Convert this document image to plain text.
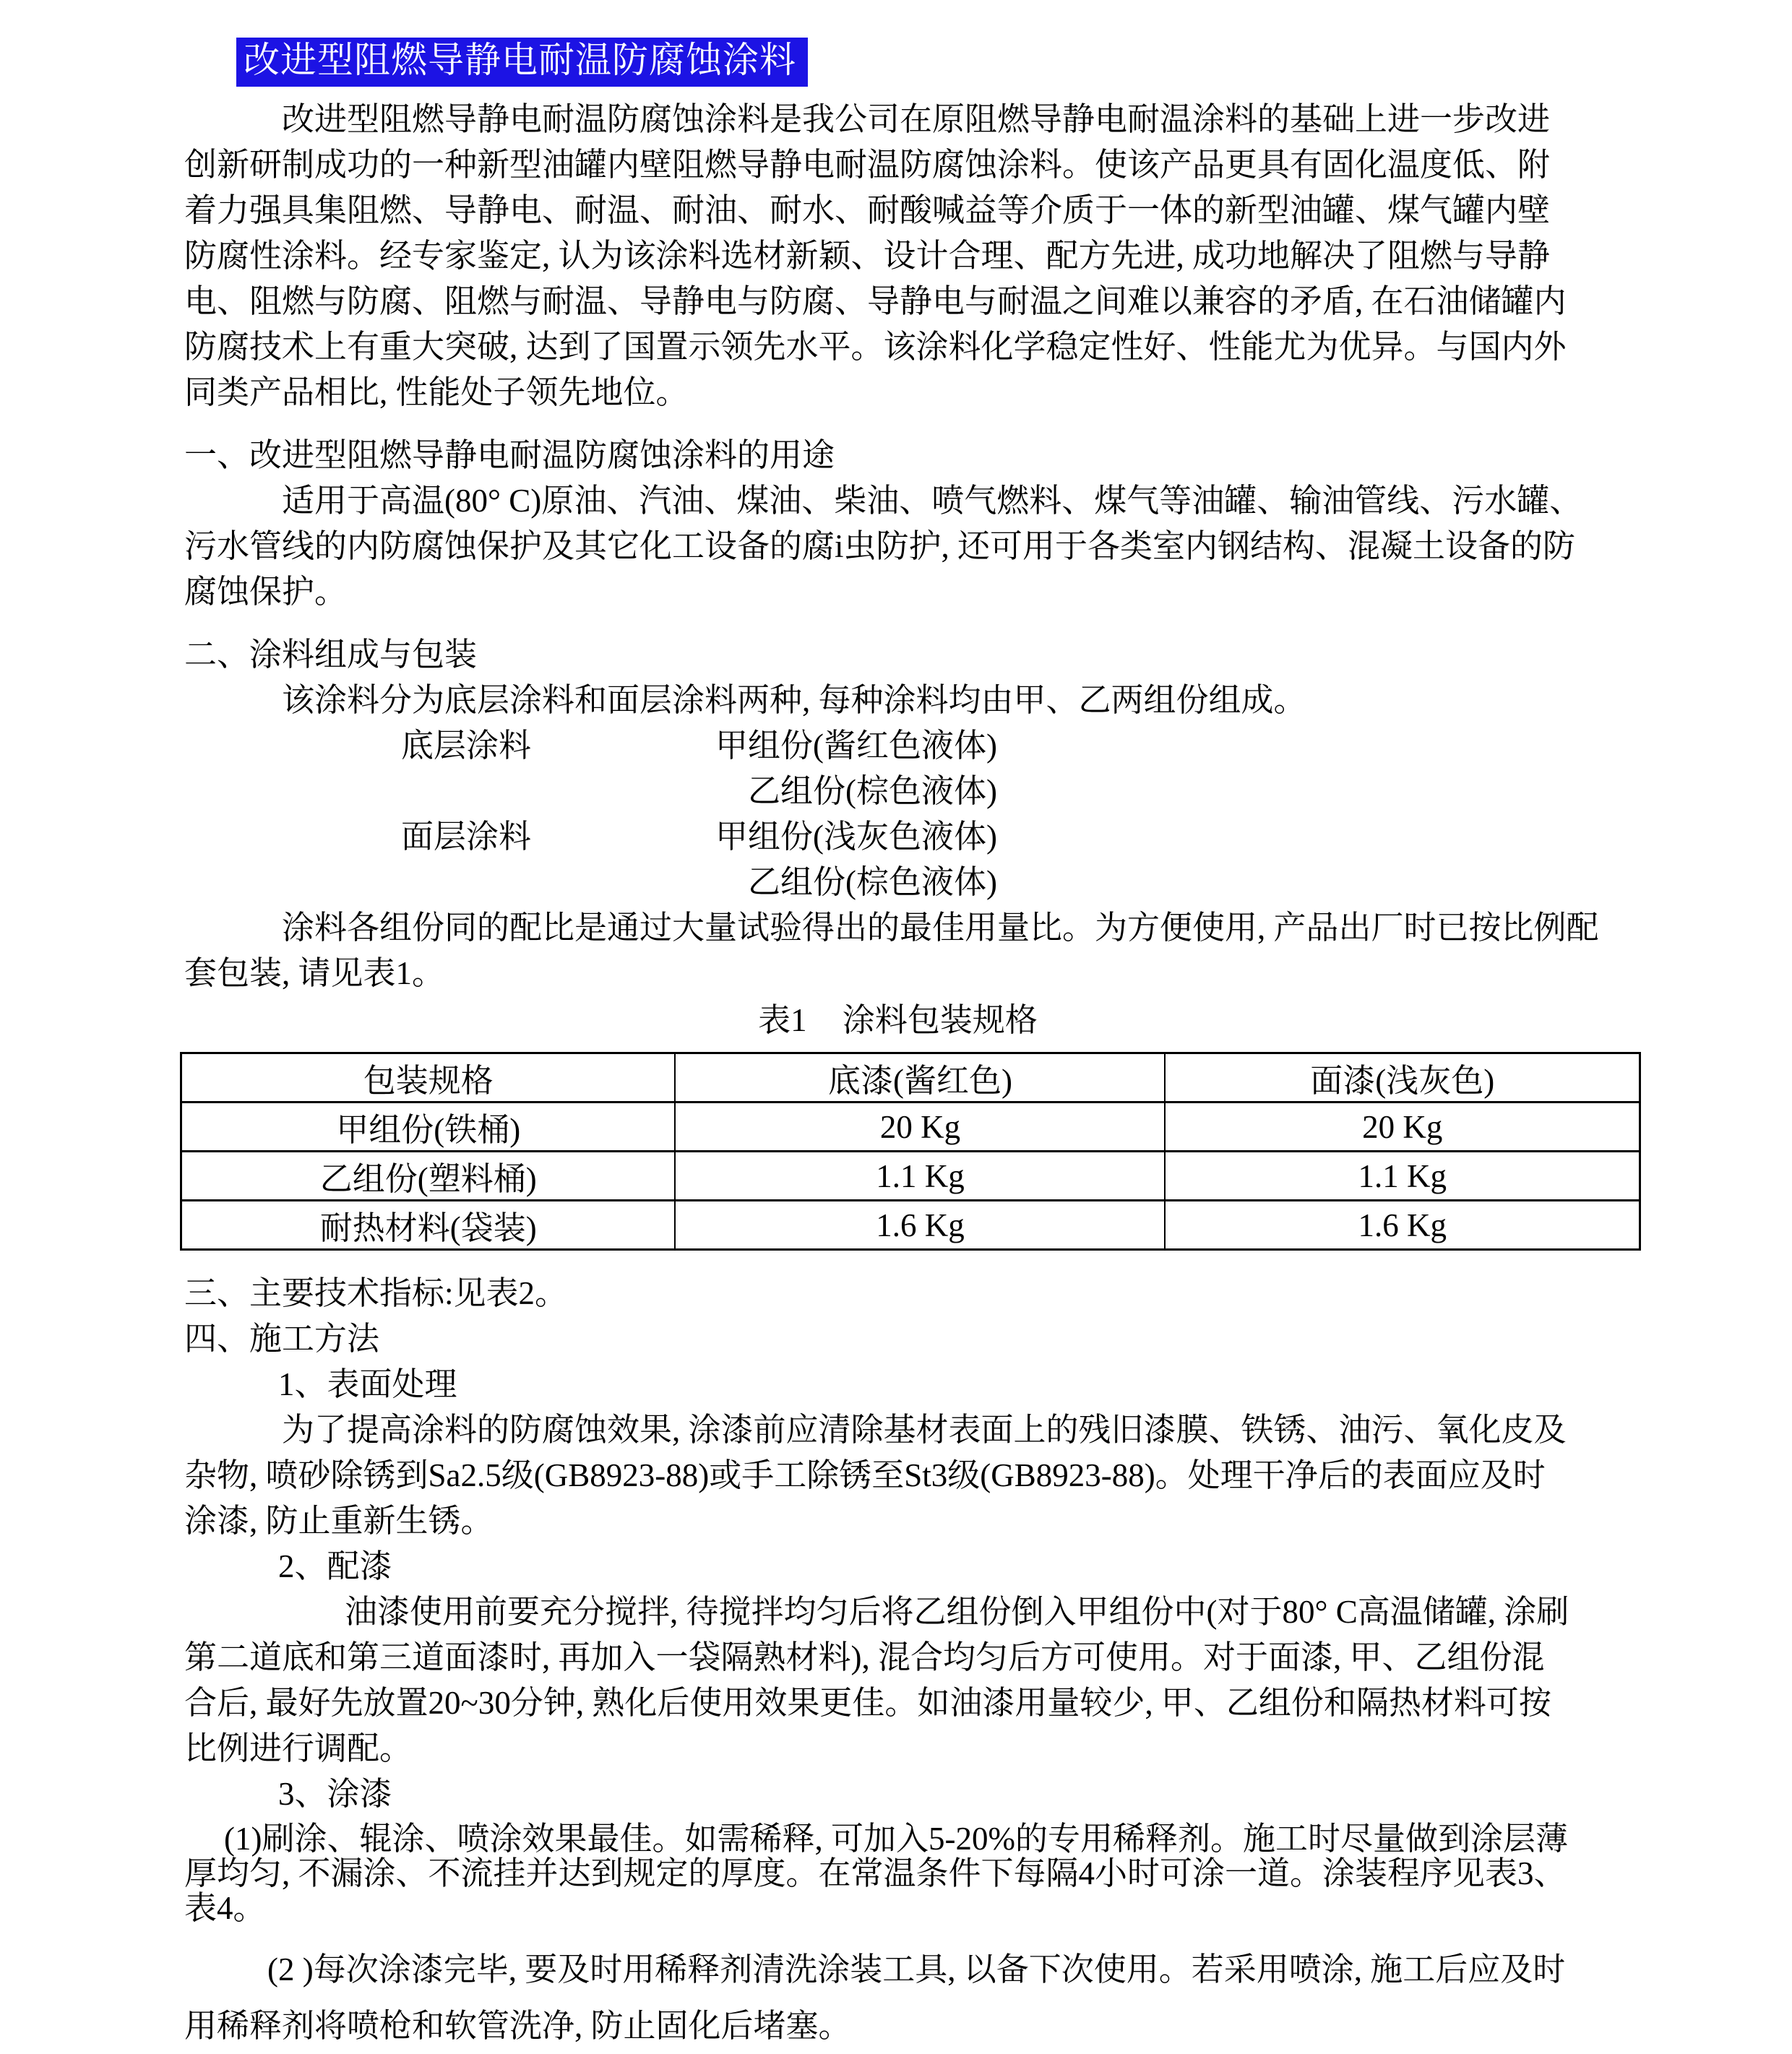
改进型阻燃导静电耐温防腐蚀涂料
改进型阻燃导静电耐温防腐蚀涂料是我公司在原阻燃导静电耐温涂料的基础上进一步改进
创新研制成功的一种新型油罐内壁阻燃导静电耐温防腐蚀涂料。使该产品更具有固化温度低、附
着力强具集阻燃、导静电、耐温、耐油、耐水、耐酸喊益等介质于一体的新型油罐、煤气罐内壁
防腐性涂料。经专家鉴定, 认为该涂料选材新颖、设计合理、配方先进, 成功地解决了阻燃与导静
电、阻燃与防腐、阻燃与耐温、导静电与防腐、导静电与耐温之间难以兼容的矛盾, 在石油储罐内
防腐技术上有重大突破, 达到了国置示领先水平。该涂料化学稳定性好、性能尤为优异。与国内外
同类产品相比, 性能处子领先地位。
一、改进型阻燃导静电耐温防腐蚀涂料的用途
适用于高温(80° C)原油、汽油、煤油、柴油、喷气燃料、煤气等油罐、输油管线、污水罐、
污水管线的内防腐蚀保护及其它化工设备的腐i虫防护, 还可用于各类室内钢结构、混凝土设备的防
腐蚀保护。
二、涂料组成与包装
该涂料分为底层涂料和面层涂料两种, 每种涂料均由甲、乙两组份组成。
底层涂料	甲组份(酱红色液体)
乙组份(棕色液体)
面层涂料	甲组份(浅灰色液体)
乙组份(棕色液体)
涂料各组份同的配比是通过大量试验得出的最佳用量比。为方便使用, 产品出厂时已按比例配
套包装, 请见表1。
表1 涂料包装规格
包装规格	底漆(酱红色)	面漆(浅灰色)
甲组份(铁桶)	20 Kg	20 Kg
乙组份(塑料桶)	1.1 Kg	1.1 Kg
耐热材料(袋装)	1.6 Kg	1.6 Kg
三、主要技术指标:见表2。
四、施工方法
1、表面处理
为了提高涂料的防腐蚀效果, 涂漆前应清除基材表面上的残旧漆膜、铁锈、油污、氧化皮及
杂物, 喷砂除锈到Sa2.5级(GB8923-88)或手工除锈至St3级(GB8923-88)。处理干净后的表面应及时
涂漆, 防止重新生锈。
2、配漆
油漆使用前要充分搅拌, 待搅拌均匀后将乙组份倒入甲组份中(对于80° C高温储罐, 涂刷
第二道底和第三道面漆时, 再加入一袋隔熟材料), 混合均匀后方可使用。对于面漆, 甲、乙组份混
合后, 最好先放置20~30分钟, 熟化后使用效果更佳。如油漆用量较少, 甲、乙组份和隔热材料可按
比例进行调配。
3、涂漆
(1)刷涂、辊涂、喷涂效果最佳。如需稀释, 可加入5-20%的专用稀释剂。施工时尽量做到涂层薄
厚均匀, 不漏涂、不流挂并达到规定的厚度。在常温条件下每隔4小时可涂一道。涂装程序见表3、
表4。
(2 )每次涂漆完毕, 要及时用稀释剂清洗涂装工具, 以备下次使用。若采用喷涂, 施工后应及时
用稀释剂将喷枪和软管洗净, 防止固化后堵塞。
